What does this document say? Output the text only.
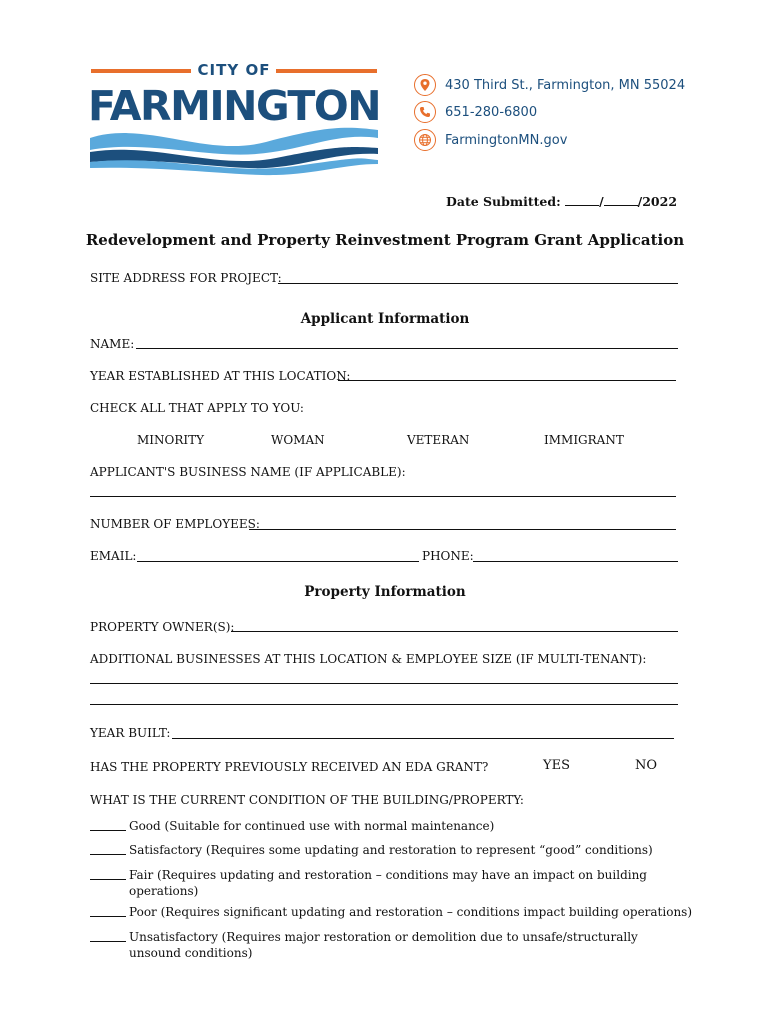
CITY OF
FARMINGTON	430 Third St., Farmington, MN 55024
651-280-6800
FarmingtonMN.gov
Date Submitted:	/	/2022
Redevelopment and Property Reinvestment Program Grant Application
SITE ADDRESS FOR PROJECT:
Applicant Information
NAME:
YEAR ESTABLISHED AT THIS LOCATION:
CHECK ALL THAT APPLY TO YOU:
MINORITY	WOMAN	VETERAN	IMMIGRANT
APPLICANT'S BUSINESS NAME (IF APPLICABLE):
NUMBER OF EMPLOYEES:
EMAIL:	PHONE:
Property Information
PROPERTY OWNER(S):
ADDITIONAL BUSINESSES AT THIS LOCATION & EMPLOYEE SIZE (IF MULTI-TENANT):
YEAR BUILT:
HAS THE PROPERTY PREVIOUSLY RECEIVED AN EDA GRANT?	YES	NO
WHAT IS THE CURRENT CONDITION OF THE BUILDING/PROPERTY:
Good (Suitable for continued use with normal maintenance)
Satisfactory (Requires some updating and restoration to represent “good” conditions)
Fair (Requires updating and restoration – conditions may have an impact on building
operations)
Poor (Requires significant updating and restoration – conditions impact building operations)
Unsatisfactory (Requires major restoration or demolition due to unsafe/structurally
unsound conditions)
